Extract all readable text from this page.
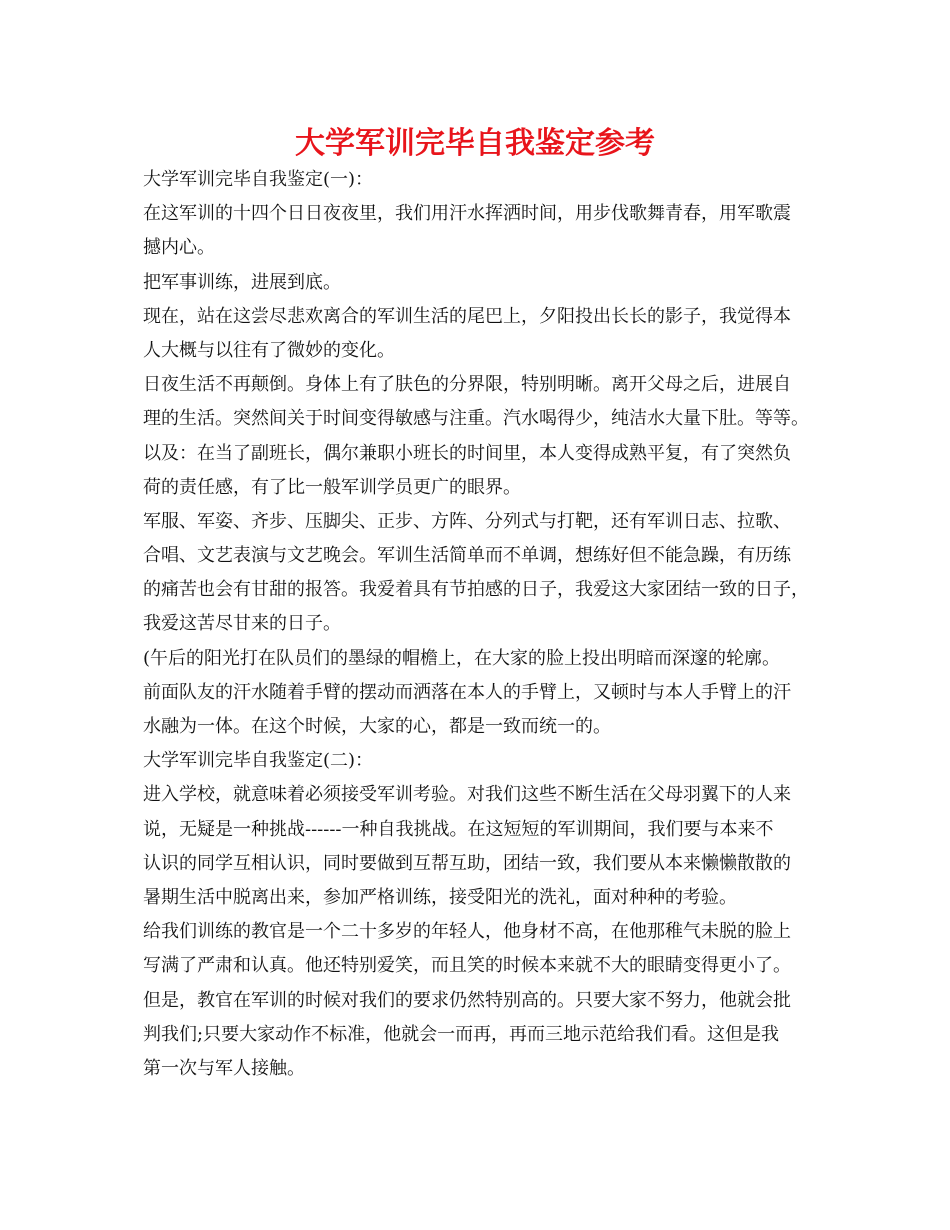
大学军训完毕自我鉴定参考
大学军训完毕自我鉴定(一)：
在这军训的十四个日日夜夜里，我们用汗水挥洒时间，用步伐歌舞青春，用军歌震
撼内心。
把军事训练，进展到底。
现在，站在这尝尽悲欢离合的军训生活的尾巴上，夕阳投出长长的影子，我觉得本
人大概与以往有了微妙的变化。
日夜生活不再颠倒。身体上有了肤色的分界限，特别明晰。离开父母之后，进展自
理的生活。突然间关于时间变得敏感与注重。汽水喝得少，纯洁水大量下肚。等等。
以及：在当了副班长，偶尔兼职小班长的时间里，本人变得成熟平复，有了突然负
荷的责任感，有了比一般军训学员更广的眼界。
军服、军姿、齐步、压脚尖、正步、方阵、分列式与打靶，还有军训日志、拉歌、
合唱、文艺表演与文艺晚会。军训生活简单而不单调，想练好但不能急躁，有历练
的痛苦也会有甘甜的报答。我爱着具有节拍感的日子，我爱这大家团结一致的日子，
我爱这苦尽甘来的日子。
(午后的阳光打在队员们的墨绿的帽檐上，在大家的脸上投出明暗而深邃的轮廓。
前面队友的汗水随着手臂的摆动而洒落在本人的手臂上，又顿时与本人手臂上的汗
水融为一体。在这个时候，大家的心，都是一致而统一的。
大学军训完毕自我鉴定(二)：
进入学校，就意味着必须接受军训考验。对我们这些不断生活在父母羽翼下的人来
说，无疑是一种挑战------一种自我挑战。在这短短的军训期间，我们要与本来不
认识的同学互相认识，同时要做到互帮互助，团结一致，我们要从本来懒懒散散的
暑期生活中脱离出来，参加严格训练，接受阳光的洗礼，面对种种的考验。
给我们训练的教官是一个二十多岁的年轻人，他身材不高，在他那稚气未脱的脸上
写满了严肃和认真。他还特别爱笑，而且笑的时候本来就不大的眼睛变得更小了。
但是，教官在军训的时候对我们的要求仍然特别高的。只要大家不努力，他就会批
判我们;只要大家动作不标准，他就会一而再，再而三地示范给我们看。这但是我
第一次与军人接触。
